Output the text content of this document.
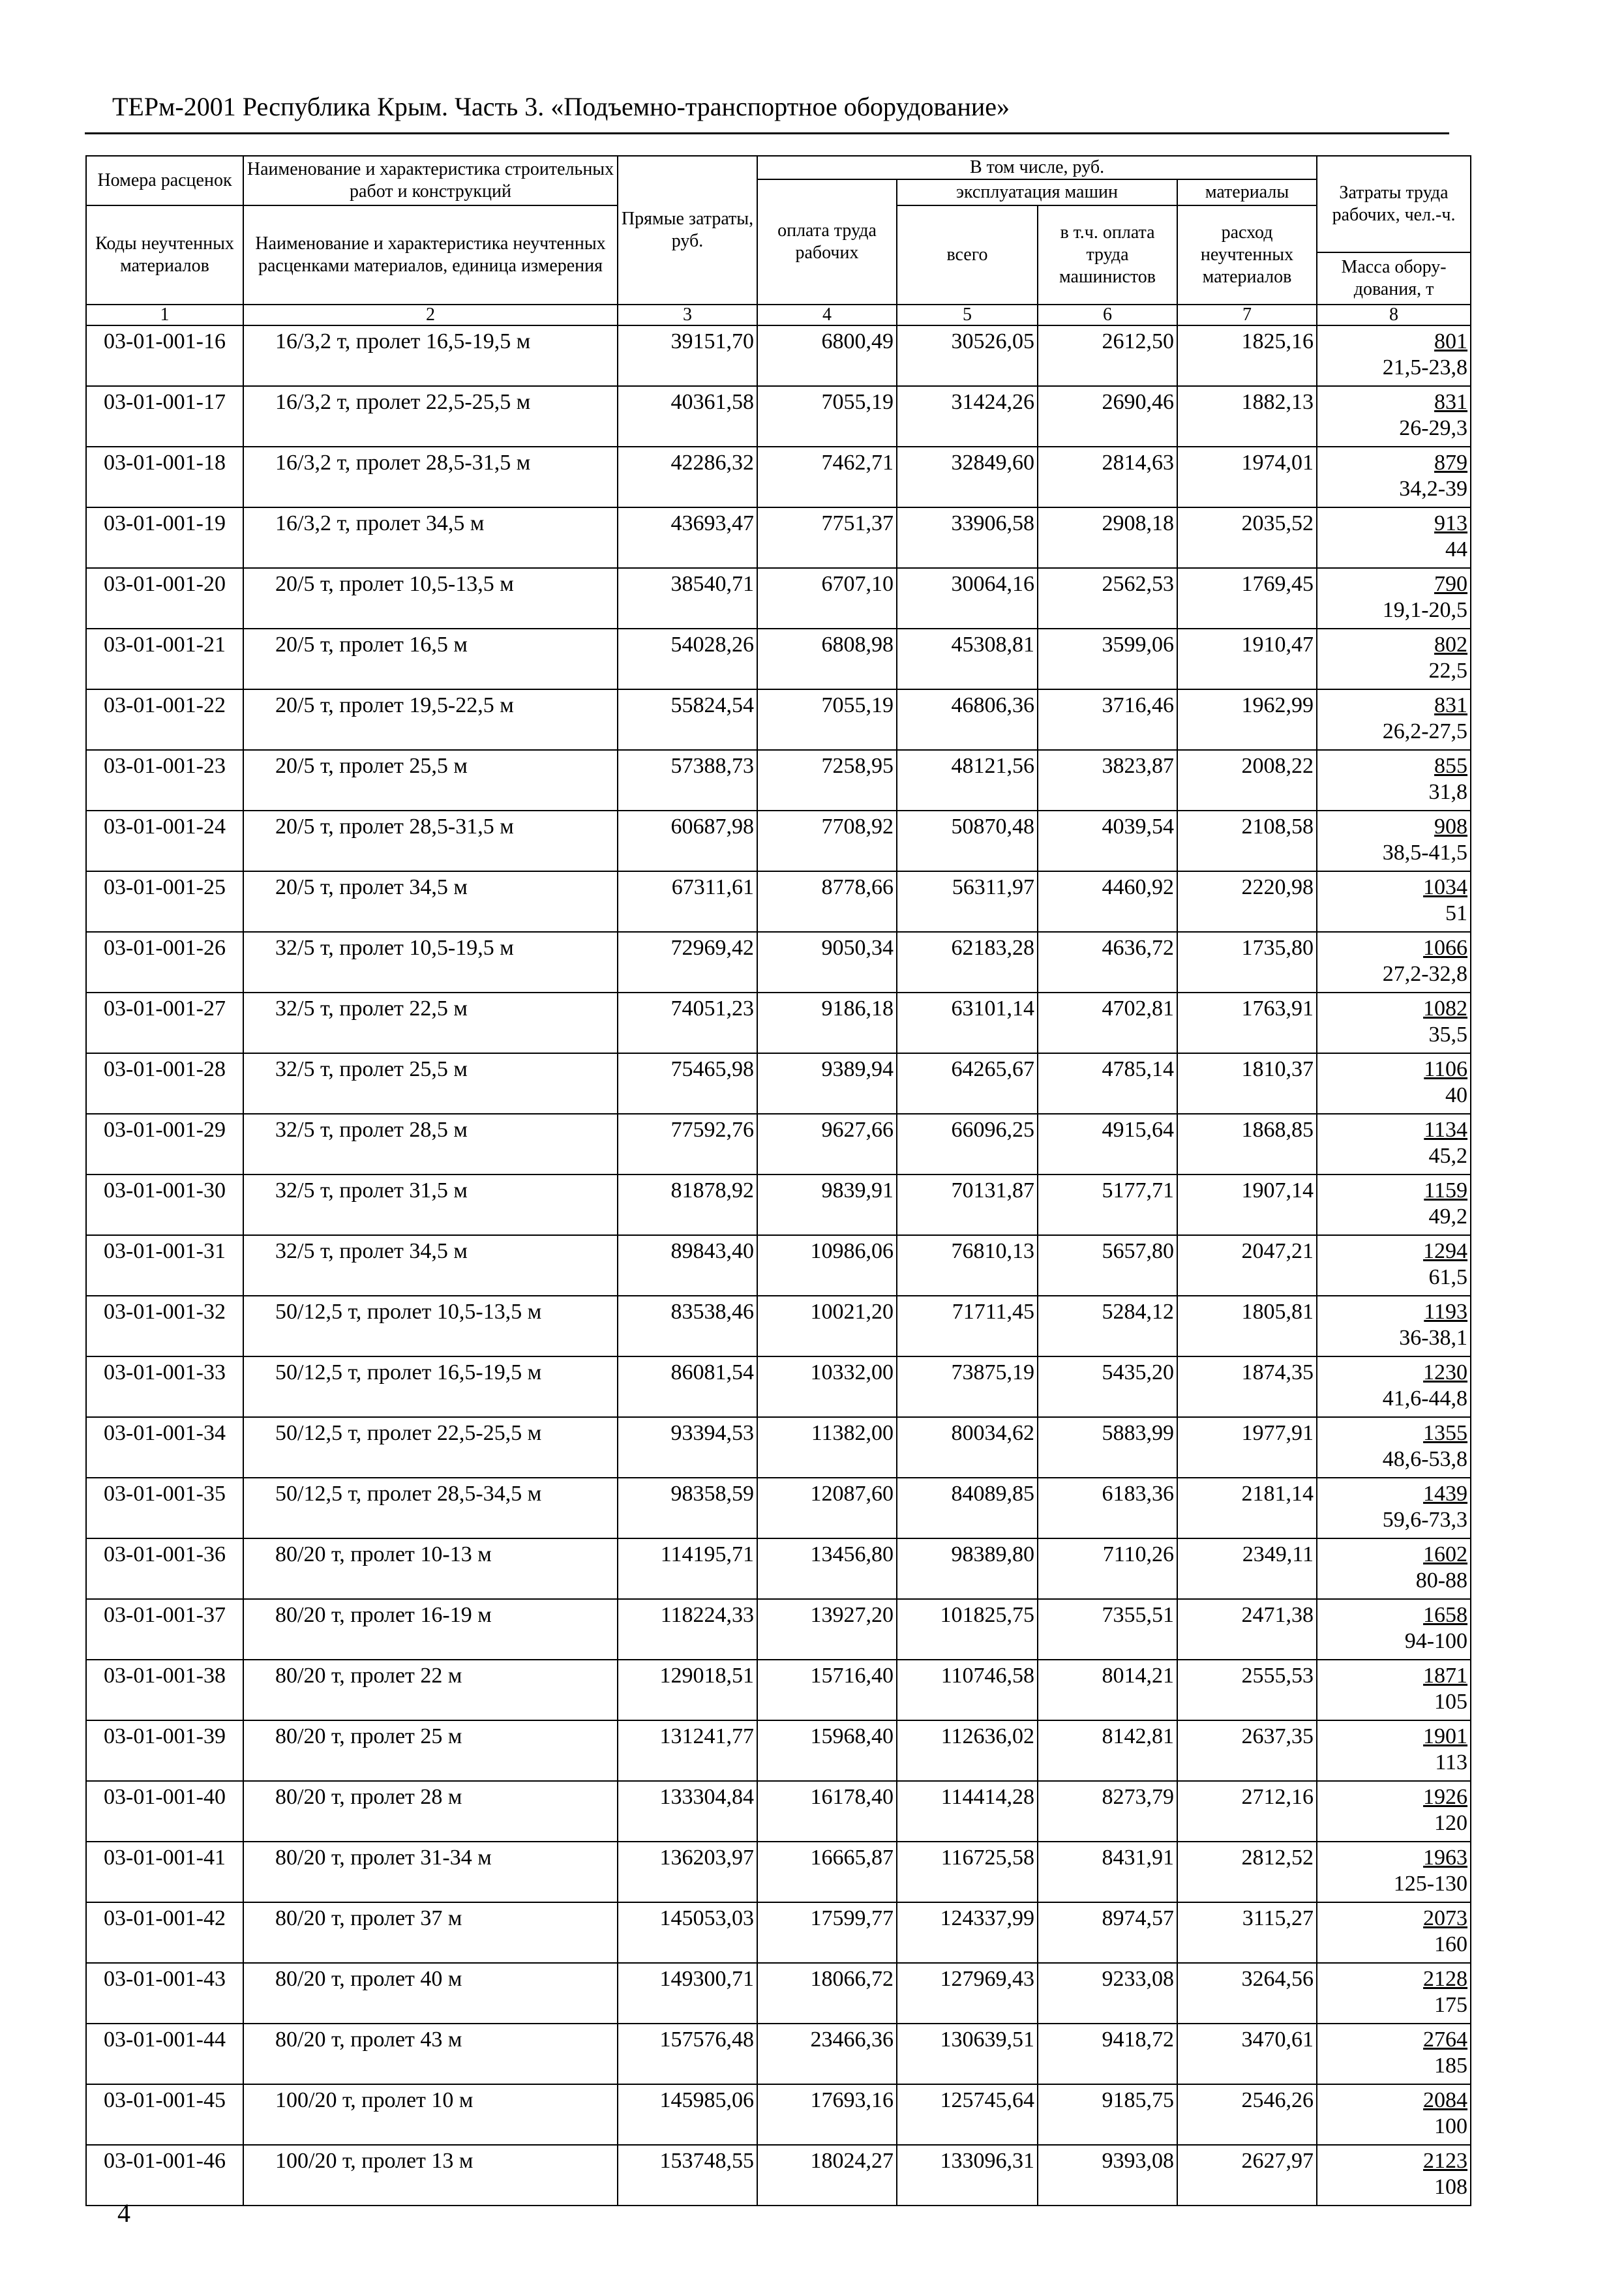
ТЕРм-2001 Республика Крым. Часть 3. «Подъемно-транспортное оборудование»
Номера расценок	Наименование и характеристика строительных работ и конструкций	Прямые затраты, руб.	В том числе, руб.				Затраты труда рабочих, чел.-ч.
			оплата труда рабочих	эксплуатация машин		материалы	
Коды неучтенных материалов	Наименование и характеристика неучтенных расценками материалов, единица измерения			всего	в т.ч. оплата труда машинистов	расход неучтенных материалов	
							Масса обору-дования, т
1	2	3	4	5	6	7	8
03-01-001-16	16/3,2 т, пролет 16,5-19,5 м	39151,70	6800,49	30526,05	2612,50	1825,16	801
21,5-23,8

03-01-001-17	16/3,2 т, пролет 22,5-25,5 м	40361,58	7055,19	31424,26	2690,46	1882,13	831
26-29,3

03-01-001-18	16/3,2 т, пролет 28,5-31,5 м	42286,32	7462,71	32849,60	2814,63	1974,01	879
34,2-39

03-01-001-19	16/3,2 т, пролет 34,5 м	43693,47	7751,37	33906,58	2908,18	2035,52	913
44

03-01-001-20	20/5 т, пролет 10,5-13,5 м	38540,71	6707,10	30064,16	2562,53	1769,45	790
19,1-20,5

03-01-001-21	20/5 т, пролет 16,5 м	54028,26	6808,98	45308,81	3599,06	1910,47	802
22,5

03-01-001-22	20/5 т, пролет 19,5-22,5 м	55824,54	7055,19	46806,36	3716,46	1962,99	831
26,2-27,5

03-01-001-23	20/5 т, пролет 25,5 м	57388,73	7258,95	48121,56	3823,87	2008,22	855
31,8

03-01-001-24	20/5 т, пролет 28,5-31,5 м	60687,98	7708,92	50870,48	4039,54	2108,58	908
38,5-41,5

03-01-001-25	20/5 т, пролет 34,5 м	67311,61	8778,66	56311,97	4460,92	2220,98	1034
51

03-01-001-26	32/5 т, пролет 10,5-19,5 м	72969,42	9050,34	62183,28	4636,72	1735,80	1066
27,2-32,8

03-01-001-27	32/5 т, пролет 22,5 м	74051,23	9186,18	63101,14	4702,81	1763,91	1082
35,5

03-01-001-28	32/5 т, пролет 25,5 м	75465,98	9389,94	64265,67	4785,14	1810,37	1106
40

03-01-001-29	32/5 т, пролет 28,5 м	77592,76	9627,66	66096,25	4915,64	1868,85	1134
45,2

03-01-001-30	32/5 т, пролет 31,5 м	81878,92	9839,91	70131,87	5177,71	1907,14	1159
49,2

03-01-001-31	32/5 т, пролет 34,5 м	89843,40	10986,06	76810,13	5657,80	2047,21	1294
61,5

03-01-001-32	50/12,5 т, пролет 10,5-13,5 м	83538,46	10021,20	71711,45	5284,12	1805,81	1193
36-38,1

03-01-001-33	50/12,5 т, пролет 16,5-19,5 м	86081,54	10332,00	73875,19	5435,20	1874,35	1230
41,6-44,8

03-01-001-34	50/12,5 т, пролет 22,5-25,5 м	93394,53	11382,00	80034,62	5883,99	1977,91	1355
48,6-53,8

03-01-001-35	50/12,5 т, пролет 28,5-34,5 м	98358,59	12087,60	84089,85	6183,36	2181,14	1439
59,6-73,3

03-01-001-36	80/20 т, пролет 10-13 м	114195,71	13456,80	98389,80	7110,26	2349,11	1602
80-88

03-01-001-37	80/20 т, пролет 16-19 м	118224,33	13927,20	101825,75	7355,51	2471,38	1658
94-100

03-01-001-38	80/20 т, пролет 22 м	129018,51	15716,40	110746,58	8014,21	2555,53	1871
105

03-01-001-39	80/20 т, пролет 25 м	131241,77	15968,40	112636,02	8142,81	2637,35	1901
113

03-01-001-40	80/20 т, пролет 28 м	133304,84	16178,40	114414,28	8273,79	2712,16	1926
120

03-01-001-41	80/20 т, пролет 31-34 м	136203,97	16665,87	116725,58	8431,91	2812,52	1963
125-130

03-01-001-42	80/20 т, пролет 37 м	145053,03	17599,77	124337,99	8974,57	3115,27	2073
160

03-01-001-43	80/20 т, пролет 40 м	149300,71	18066,72	127969,43	9233,08	3264,56	2128
175

03-01-001-44	80/20 т, пролет 43 м	157576,48	23466,36	130639,51	9418,72	3470,61	2764
185

03-01-001-45	100/20 т, пролет 10 м	145985,06	17693,16	125745,64	9185,75	2546,26	2084
100

03-01-001-46	100/20 т, пролет 13 м	153748,55	18024,27	133096,31	9393,08	2627,97	2123
108
4
